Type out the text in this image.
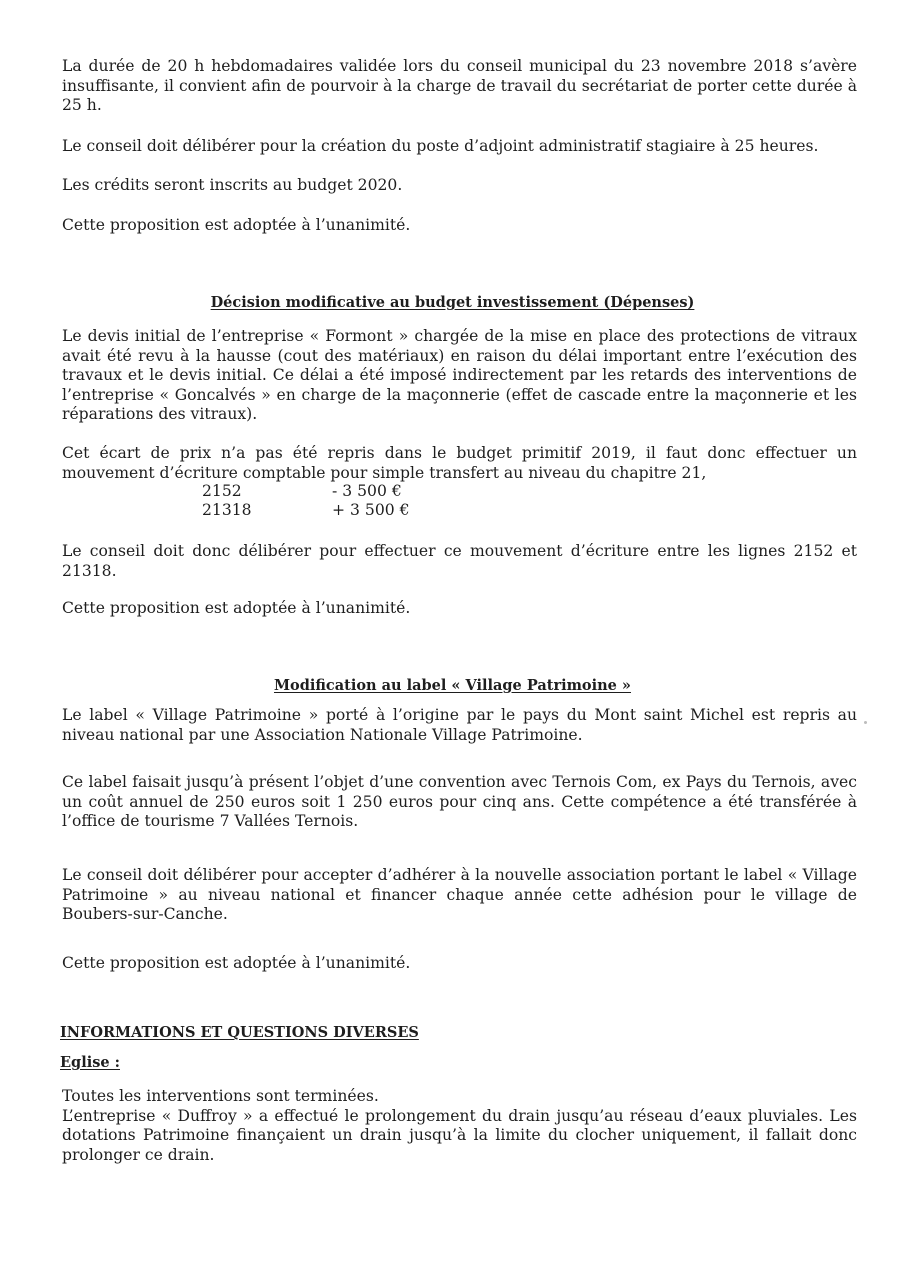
La durée de 20 h hebdomadaires validée lors du conseil municipal du 23 novembre 2018 s’avère insuffisante, il convient afin de pourvoir à la charge de travail du secrétariat de porter cette durée à 25 h.

Le conseil doit délibérer pour la création du poste d’adjoint administratif stagiaire à 25 heures.

Les crédits seront inscrits au budget 2020.

Cette proposition est adoptée à l’unanimité.

Décision modificative au budget investissement (Dépenses)

Le devis initial de l’entreprise « Formont » chargée de la mise en place des protections de vitraux avait été revu à la hausse (cout des matériaux) en raison du délai important entre l’exécution des travaux et le devis initial. Ce délai a été imposé indirectement par les retards des interventions de l’entreprise « Goncalvés » en charge de la maçonnerie (effet de cascade entre la maçonnerie et les réparations des vitraux).

Cet écart de prix n’a pas été repris dans le budget primitif 2019, il faut donc effectuer un mouvement d’écriture comptable pour simple transfert au niveau du chapitre 21,

2152	- 3 500 €
21318	+ 3 500 €

Le conseil doit donc délibérer pour effectuer ce mouvement d’écriture entre les lignes 2152 et 21318.

Cette proposition est adoptée à l’unanimité.

Modification au label « Village Patrimoine »

Le label « Village Patrimoine » porté à l’origine par le pays du Mont saint Michel est repris au niveau national par une Association Nationale Village Patrimoine.

Ce label faisait jusqu’à présent l’objet d’une convention avec Ternois Com, ex Pays du Ternois, avec un coût annuel de 250 euros soit 1 250 euros pour cinq ans. Cette compétence a été transférée à l’office de tourisme 7 Vallées Ternois.

Le conseil doit délibérer pour accepter d’adhérer à la nouvelle association portant le label « Village Patrimoine » au niveau national et financer chaque année cette adhésion pour le village de Boubers-sur-Canche.

Cette proposition est adoptée à l’unanimité.

INFORMATIONS ET QUESTIONS DIVERSES
Eglise :

Toutes les interventions sont terminées.

L’entreprise « Duffroy » a effectué le prolongement du drain jusqu’au réseau d’eaux pluviales. Les dotations Patrimoine finançaient un drain jusqu’à la limite du clocher uniquement, il fallait donc prolonger ce drain.
